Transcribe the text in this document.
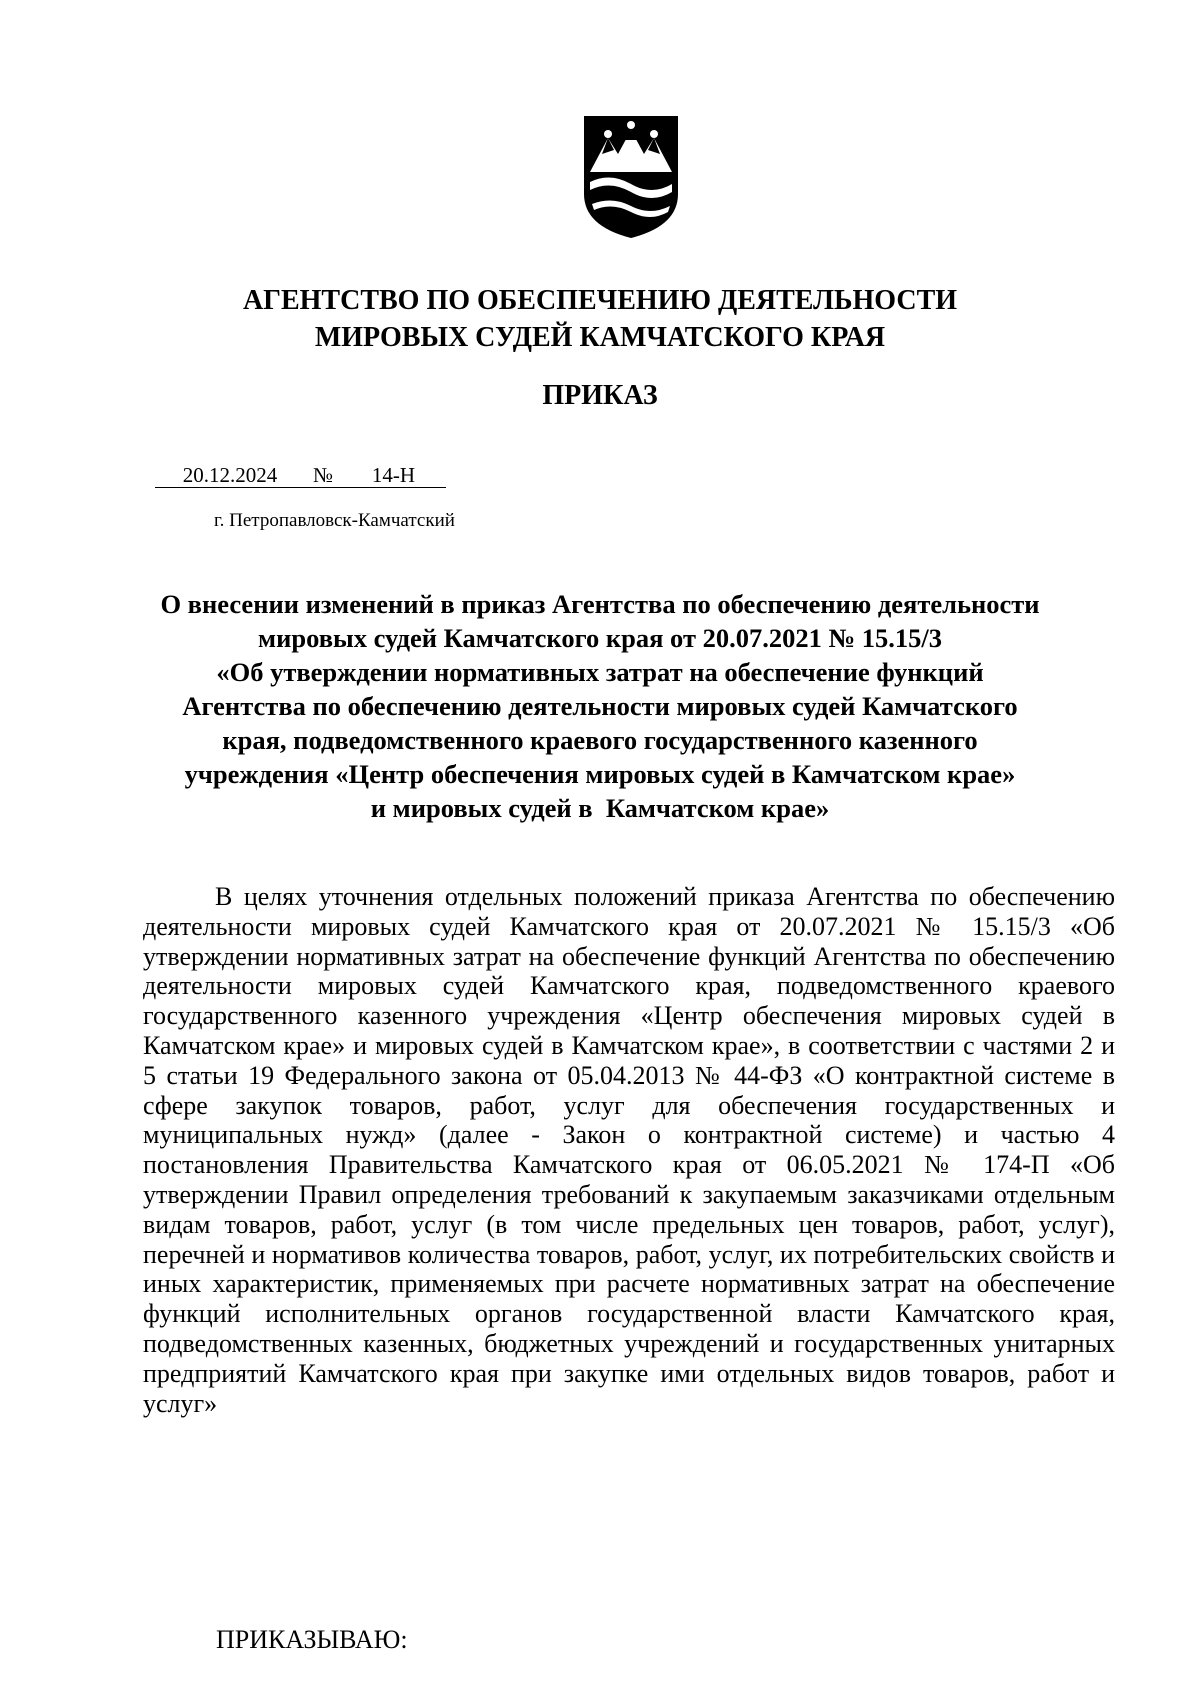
АГЕНТСТВО ПО ОБЕСПЕЧЕНИЮ ДЕЯТЕЛЬНОСТИ
МИРОВЫХ СУДЕЙ КАМЧАТСКОГО КРАЯ
ПРИКАЗ
20.12.2024	№	14-Н
г. Петропавловск-Камчатский
О внесении изменений в приказ Агентства по обеспечению деятельности
мировых судей Камчатского края от 20.07.2021 № 15.15/3
«Об утверждении нормативных затрат на обеспечение функций
Агентства по обеспечению деятельности мировых судей Камчатского
края, подведомственного краевого государственного казенного
учреждения «Центр обеспечения мировых судей в Камчатском крае»
и мировых судей в  Камчатском крае»

В целях уточнения отдельных положений приказа Агентства по обеспечению деятельности мировых судей Камчатского края от 20.07.2021 № 15.15/3 «Об утверждении нормативных затрат на обеспечение функций Агентства по обеспечению деятельности мировых судей Камчатского края, подведомственного краевого государственного казенного учреждения «Центр обеспечения мировых судей в Камчатском крае» и мировых судей в Камчатском крае», в соответствии с частями 2 и 5 статьи 19 Федерального закона от 05.04.2013 № 44-ФЗ «О контрактной системе в сфере закупок товаров, работ, услуг для обеспечения государственных и муниципальных нужд» (далее - Закон о контрактной системе) и частью 4 постановления Правительства Камчатского края от 06.05.2021 № 174-П «Об утверждении Правил определения требований к закупаемым заказчиками отдельным видам товаров, работ, услуг (в том числе предельных цен товаров, работ, услуг), перечней и нормативов количества товаров, работ, услуг, их потребительских свойств и иных характеристик, применяемых при расчете нормативных затрат на обеспечение функций исполнительных органов государственной власти Камчатского края, подведомственных казенных, бюджетных учреждений и государственных унитарных предприятий Камчатского края при закупке ими отдельных видов товаров, работ и услуг»

ПРИКАЗЫВАЮ:
